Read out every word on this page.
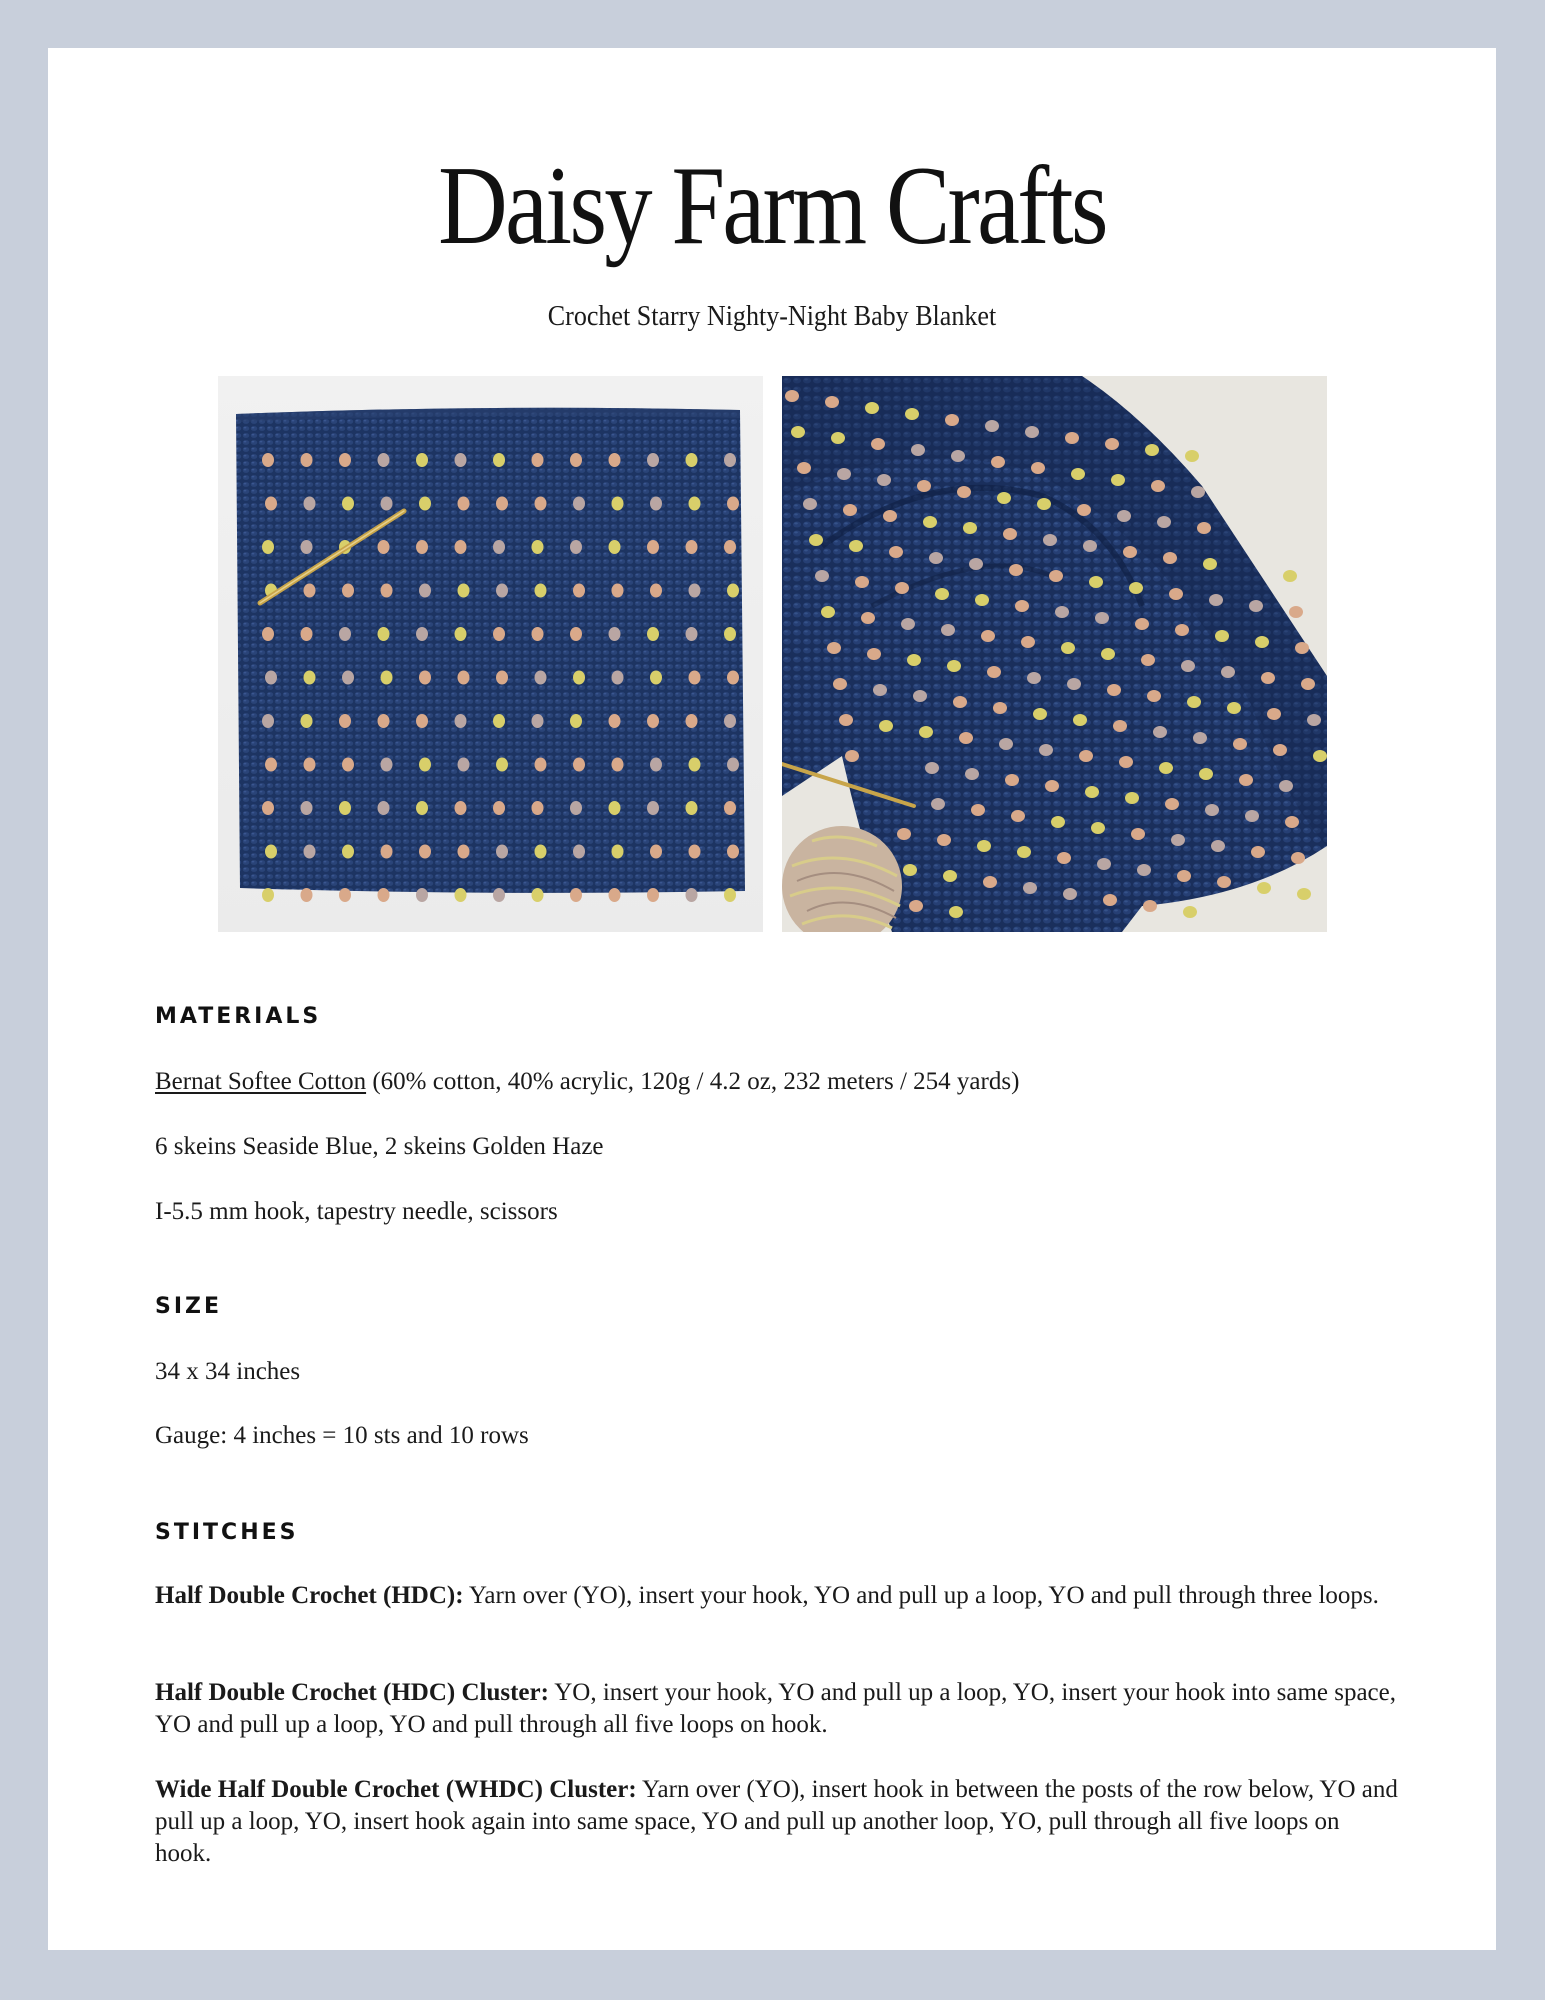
Daisy Farm Crafts
Crochet Starry Nighty-Night Baby Blanket
MATERIALS
Bernat Softee Cotton (60% cotton, 40% acrylic, 120g / 4.2 oz, 232 meters / 254 yards)
6 skeins Seaside Blue, 2 skeins Golden Haze
I-5.5 mm hook, tapestry needle, scissors
SIZE
34 x 34 inches
Gauge: 4 inches = 10 sts and 10 rows
STITCHES

Half Double Crochet (HDC): Yarn over (YO), insert your hook, YO and pull up a loop, YO and pull through three loops.

Half Double Crochet (HDC) Cluster: YO, insert your hook, YO and pull up a loop, YO, insert your hook into same space, YO and pull up a loop, YO and pull through all five loops on hook.

Wide Half Double Crochet (WHDC) Cluster: Yarn over (YO), insert hook in between the posts of the row below, YO and pull up a loop, YO, insert hook again into same space, YO and pull up another loop, YO, pull through all five loops on hook.
